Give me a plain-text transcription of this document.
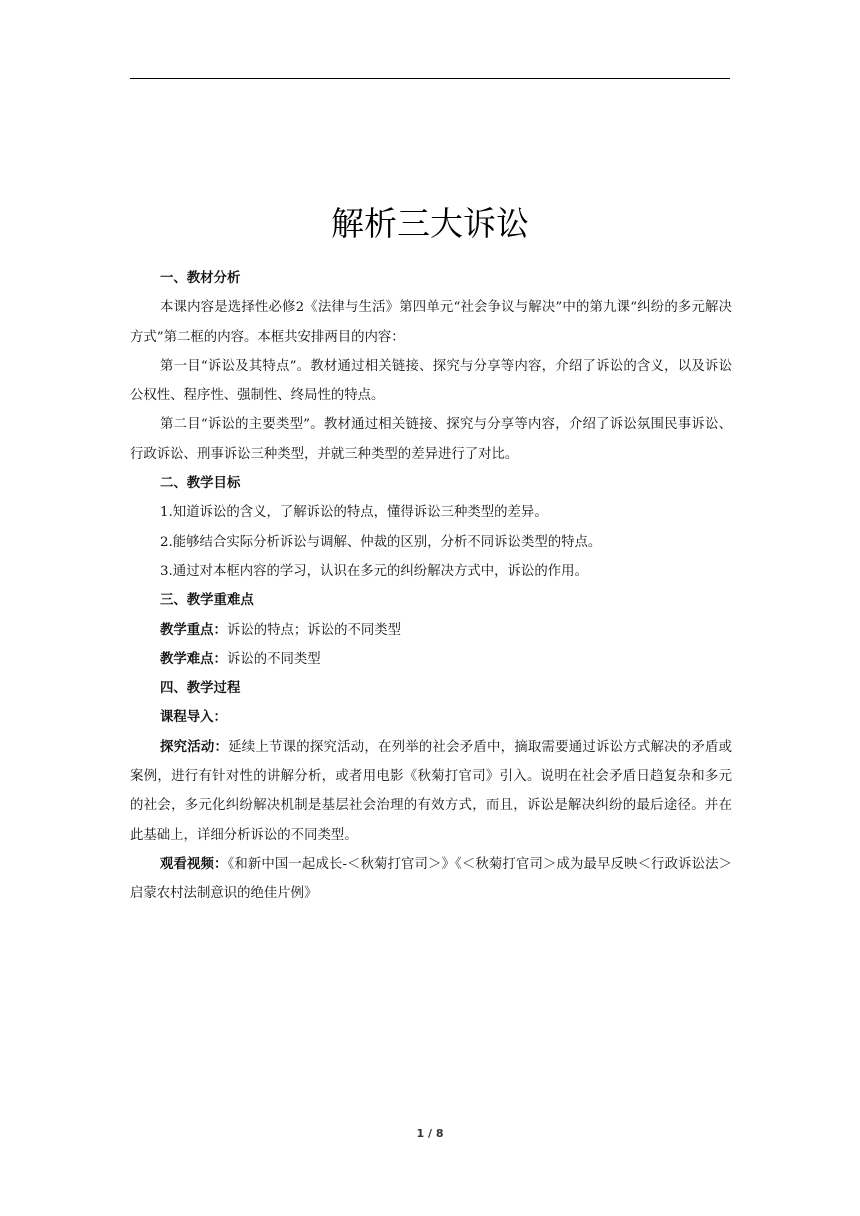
解析三大诉讼

一、教材分析

本课内容是选择性必修2《法律与生活》第四单元“社会争议与解决”中的第九课“纠纷的多元解决方式”第二框的内容。本框共安排两目的内容：

第一目“诉讼及其特点”。教材通过相关链接、探究与分享等内容，介绍了诉讼的含义，以及诉讼公权性、程序性、强制性、终局性的特点。

第二目“诉讼的主要类型”。教材通过相关链接、探究与分享等内容，介绍了诉讼氛围民事诉讼、行政诉讼、刑事诉讼三种类型，并就三种类型的差异进行了对比。

二、教学目标

1.知道诉讼的含义，了解诉讼的特点，懂得诉讼三种类型的差异。

2.能够结合实际分析诉讼与调解、仲裁的区别，分析不同诉讼类型的特点。

3.通过对本框内容的学习，认识在多元的纠纷解决方式中，诉讼的作用。

三、教学重难点

教学重点：诉讼的特点；诉讼的不同类型

教学难点：诉讼的不同类型

四、教学过程

课程导入：

探究活动：延续上节课的探究活动，在列举的社会矛盾中，摘取需要通过诉讼方式解决的矛盾或案例，进行有针对性的讲解分析，或者用电影《秋菊打官司》引入。说明在社会矛盾日趋复杂和多元的社会，多元化纠纷解决机制是基层社会治理的有效方式，而且，诉讼是解决纠纷的最后途径。并在此基础上，详细分析诉讼的不同类型。

观看视频：《和新中国一起成长-＜秋菊打官司＞》《＜秋菊打官司＞成为最早反映＜行政诉讼法＞启蒙农村法制意识的绝佳片例》

1 / 8
